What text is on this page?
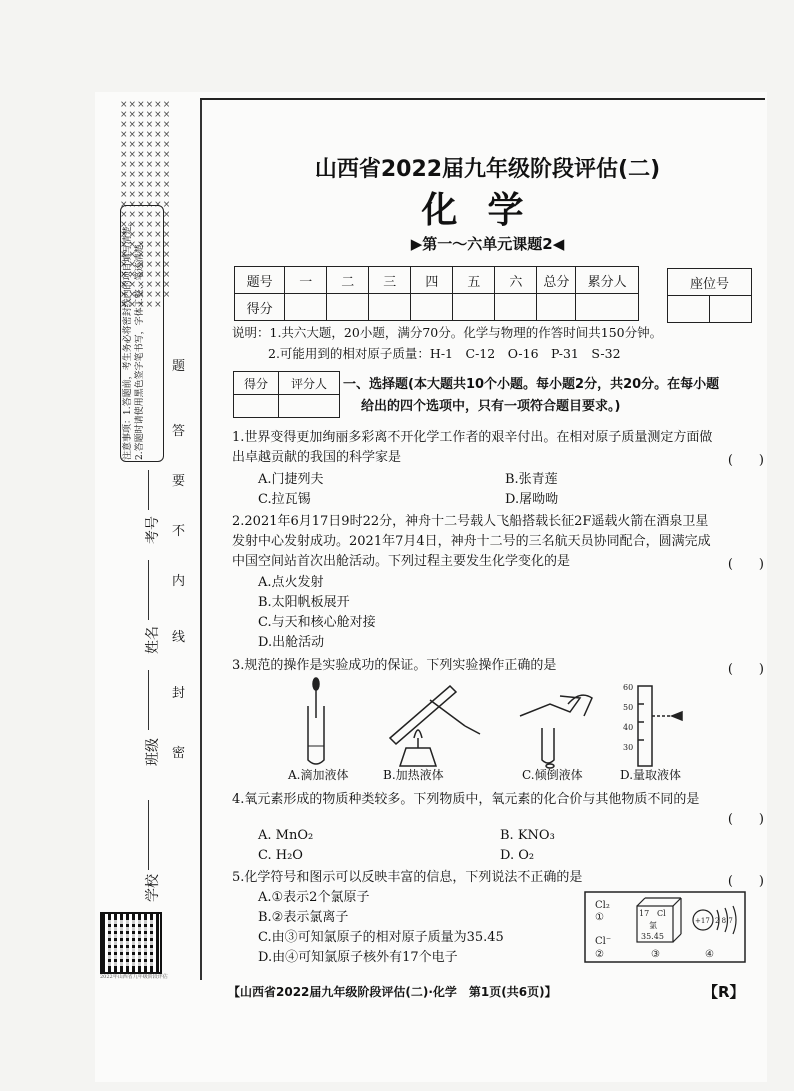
×××××××××××××××××××××××××××××××××××××××××××××××××××××××××××××××××××××××××××××××××××××××××××××××××××××××××××××××××××××××××××××
注意事项：1.答题前，考生务必将密封线内的项目填写清楚。2.答题时请使用黑色签字笔书写，字体工整、笔迹清楚。
考号
姓名
班级
学校
密
封
线
内
不
要
答
题
2022年山西省九年级阶段评估
山西省2022届九年级阶段评估(二)
化学
▶第一～六单元课题2◀
题号	一	二	三	四	五	六	总分	累分人
得分								
座位号

说明：1.共六大题，20小题，满分70分。化学与物理的作答时间共150分钟。
2.可能用到的相对原子质量：H-1　C-12　O-16　P-31　S-32
得分	评分人
	一、选择题(本大题共10个小题。每小题2分，共20分。在每小题
给出的四个选项中，只有一项符合题目要求。)
1.世界变得更加绚丽多彩离不开化学工作者的艰辛付出。在相对原子质量测定方面做
出卓越贡献的我国的科学家是	(　　)
A.门捷列夫	B.张青莲
C.拉瓦锡	D.屠呦呦
2.2021年6月17日9时22分，神舟十二号载人飞船搭载长征2F遥载火箭在酒泉卫星
发射中心发射成功。2021年7月4日，神舟十二号的三名航天员协同配合，圆满完成
中国空间站首次出舱活动。下列过程主要发生化学变化的是	(　　)
A.点火发射
B.太阳帆板展开
C.与天和核心舱对接
D.出舱活动
3.规范的操作是实验成功的保证。下列实验操作正确的是	(　　)
60
50
40
30
A.滴加液体	B.加热液体	C.倾倒液体	D.量取液体
4.氧元素形成的物质种类较多。下列物质中，氧元素的化合价与其他物质不同的是
(　　)
A. MnO₂	B. KNO₃
C. H₂O	D. O₂
5.化学符号和图示可以反映丰富的信息，下列说法不正确的是	(　　)
A.①表示2个氯原子
B.②表示氯离子
C.由③可知氯原子的相对原子质量为35.45
D.由④可知氯原子核外有17个电子
Cl₂
①
Cl⁻
②
17 Cl
氯
35.45
③
+17 2 8 7
④
【山西省2022届九年级阶段评估(二)·化学　第1页(共6页)】	【R】
